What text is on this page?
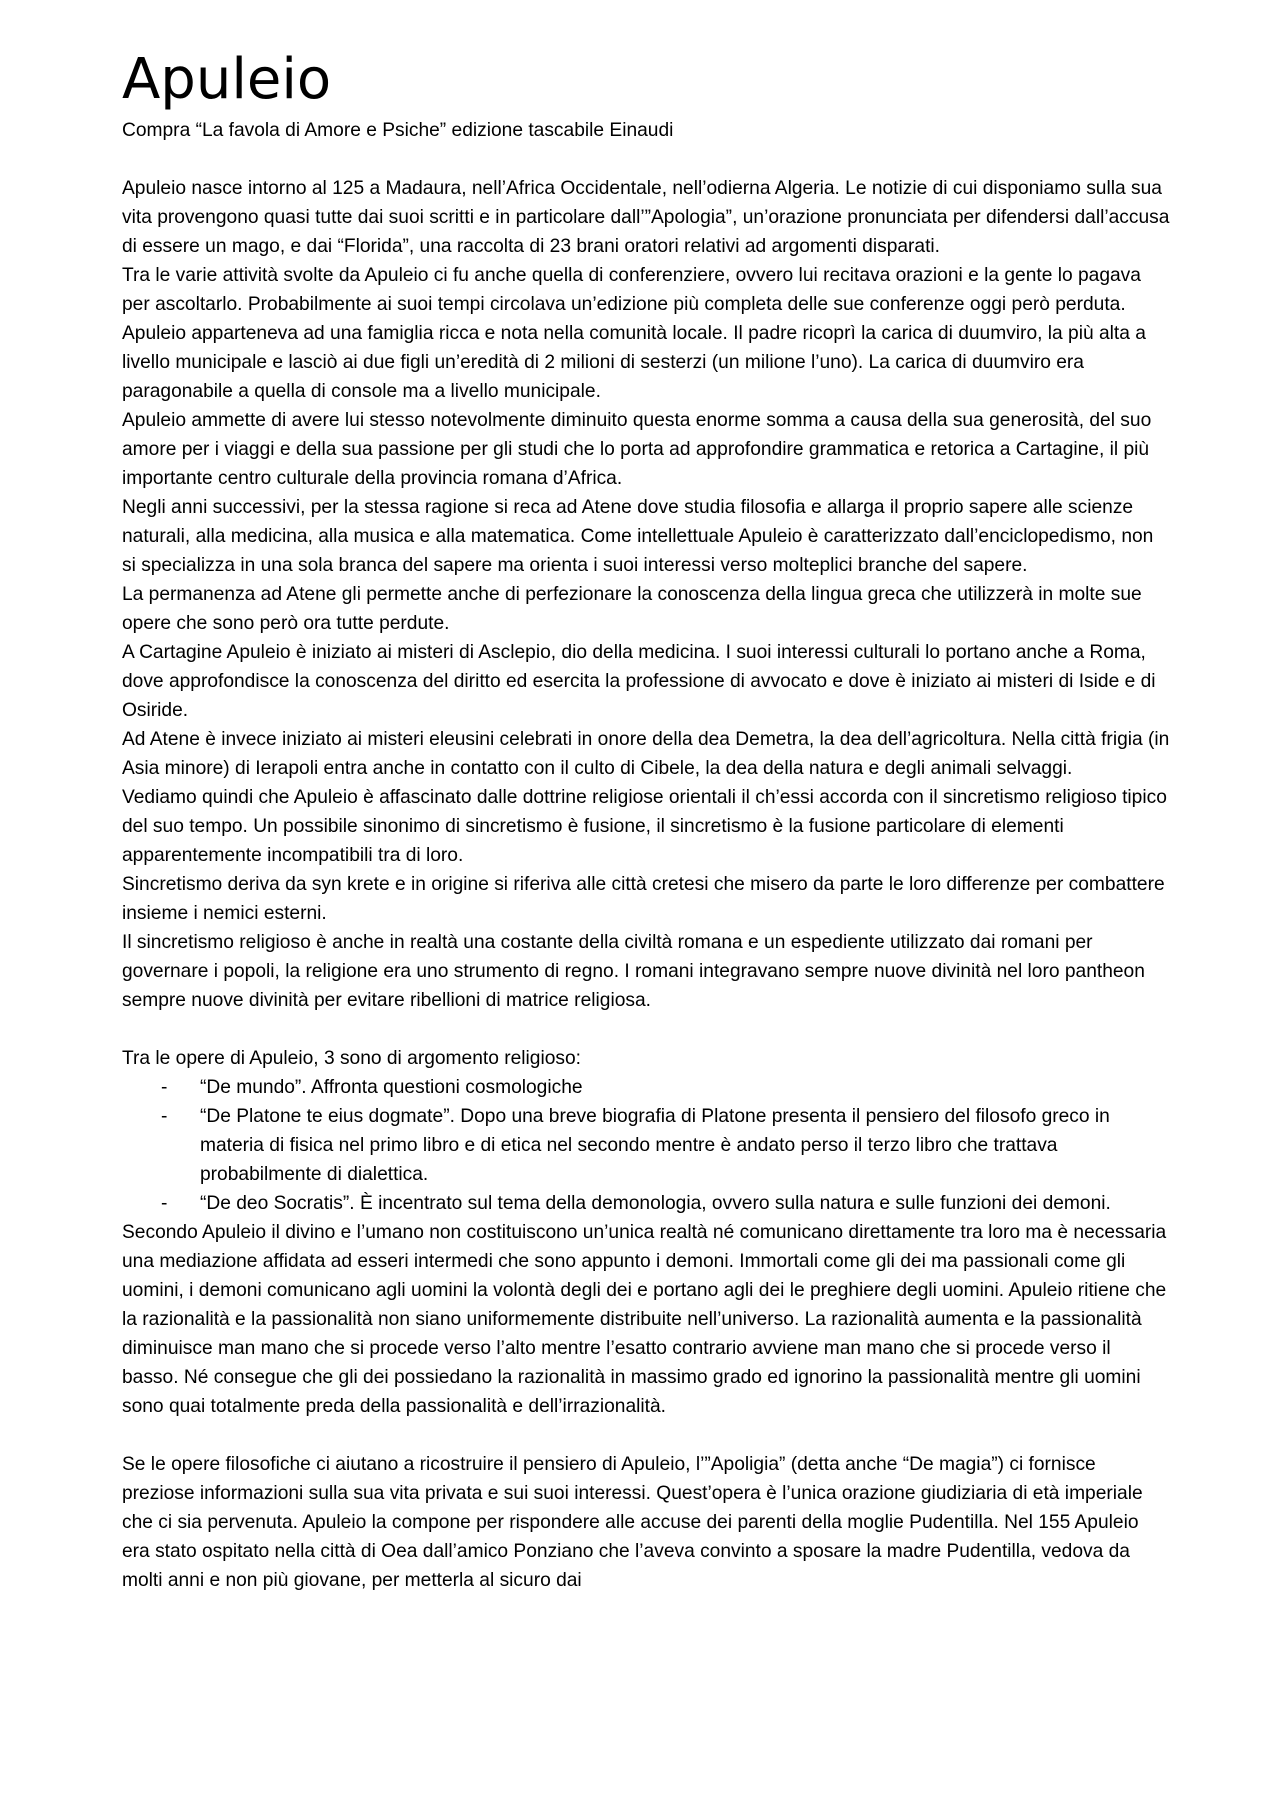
Apuleio

Compra “La favola di Amore e Psiche” edizione tascabile Einaudi

Apuleio nasce intorno al 125 a Madaura, nell’Africa Occidentale, nell’odierna Algeria. Le notizie di cui disponiamo sulla sua vita provengono quasi tutte dai suoi scritti e in particolare dall’”Apologia”, un’orazione pronunciata per difendersi dall’accusa di essere un mago, e dai “Florida”, una raccolta di 23 brani oratori relativi ad argomenti disparati.

Tra le varie attività svolte da Apuleio ci fu anche quella di conferenziere, ovvero lui recitava orazioni e la gente lo pagava per ascoltarlo. Probabilmente ai suoi tempi circolava un’edizione più completa delle sue conferenze oggi però perduta.

Apuleio apparteneva ad una famiglia ricca e nota nella comunità locale. Il padre ricoprì la carica di duumviro, la più alta a livello municipale e lasciò ai due figli un’eredità di 2 milioni di sesterzi (un milione l’uno). La carica di duumviro era paragonabile a quella di console ma a livello municipale.

Apuleio ammette di avere lui stesso notevolmente diminuito questa enorme somma a causa della sua generosità, del suo amore per i viaggi e della sua passione per gli studi che lo porta ad approfondire grammatica e retorica a Cartagine, il più importante centro culturale della provincia romana d’Africa.

Negli anni successivi, per la stessa ragione si reca ad Atene dove studia filosofia e allarga il proprio sapere alle scienze naturali, alla medicina, alla musica e alla matematica. Come intellettuale Apuleio è caratterizzato dall’enciclopedismo, non si specializza in una sola branca del sapere ma orienta i suoi interessi verso molteplici branche del sapere.

La permanenza ad Atene gli permette anche di perfezionare la conoscenza della lingua greca che utilizzerà in molte sue opere che sono però ora tutte perdute.

A Cartagine Apuleio è iniziato ai misteri di Asclepio, dio della medicina. I suoi interessi culturali lo portano anche a Roma, dove approfondisce la conoscenza del diritto ed esercita la professione di avvocato e dove è iniziato ai misteri di Iside e di Osiride.

Ad Atene è invece iniziato ai misteri eleusini celebrati in onore della dea Demetra, la dea dell’agricoltura. Nella città frigia (in Asia minore) di Ierapoli entra anche in contatto con il culto di Cibele, la dea della natura e degli animali selvaggi.

Vediamo quindi che Apuleio è affascinato dalle dottrine religiose orientali il ch’essi accorda con il sincretismo religioso tipico del suo tempo. Un possibile sinonimo di sincretismo è fusione, il sincretismo è la fusione particolare di elementi apparentemente incompatibili tra di loro.

Sincretismo deriva da syn krete e in origine si riferiva alle città cretesi che misero da parte le loro differenze per combattere insieme i nemici esterni.

Il sincretismo religioso è anche in realtà una costante della civiltà romana e un espediente utilizzato dai romani per governare i popoli, la religione era uno strumento di regno. I romani integravano sempre nuove divinità nel loro pantheon sempre nuove divinità per evitare ribellioni di matrice religiosa.

Tra le opere di Apuleio, 3 sono di argomento religioso:

- “De mundo”. Affronta questioni cosmologiche
- “De Platone te eius dogmate”. Dopo una breve biografia di Platone presenta il pensiero del filosofo greco in materia di fisica nel primo libro e di etica nel secondo mentre è andato perso il terzo libro che trattava probabilmente di dialettica.
- “De deo Socratis”. È incentrato sul tema della demonologia, ovvero sulla natura e sulle funzioni dei demoni.

Secondo Apuleio il divino e l’umano non costituiscono un’unica realtà né comunicano direttamente tra loro ma è necessaria una mediazione affidata ad esseri intermedi che sono appunto i demoni. Immortali come gli dei ma passionali come gli uomini, i demoni comunicano agli uomini la volontà degli dei e portano agli dei le preghiere degli uomini. Apuleio ritiene che la razionalità e la passionalità non siano uniformemente distribuite nell’universo. La razionalità aumenta e la passionalità diminuisce man mano che si procede verso l’alto mentre l’esatto contrario avviene man mano che si procede verso il basso. Né consegue che gli dei possiedano la razionalità in massimo grado ed ignorino la passionalità mentre gli uomini sono quai totalmente preda della passionalità e dell’irrazionalità.

Se le opere filosofiche ci aiutano a ricostruire il pensiero di Apuleio, l’”Apoligia” (detta anche “De magia”) ci fornisce preziose informazioni sulla sua vita privata e sui suoi interessi. Quest’opera è l’unica orazione giudiziaria di età imperiale che ci sia pervenuta. Apuleio la compone per rispondere alle accuse dei parenti della moglie Pudentilla. Nel 155 Apuleio era stato ospitato nella città di Oea dall’amico Ponziano che l’aveva convinto a sposare la madre Pudentilla, vedova da molti anni e non più giovane, per metterla al sicuro dai
